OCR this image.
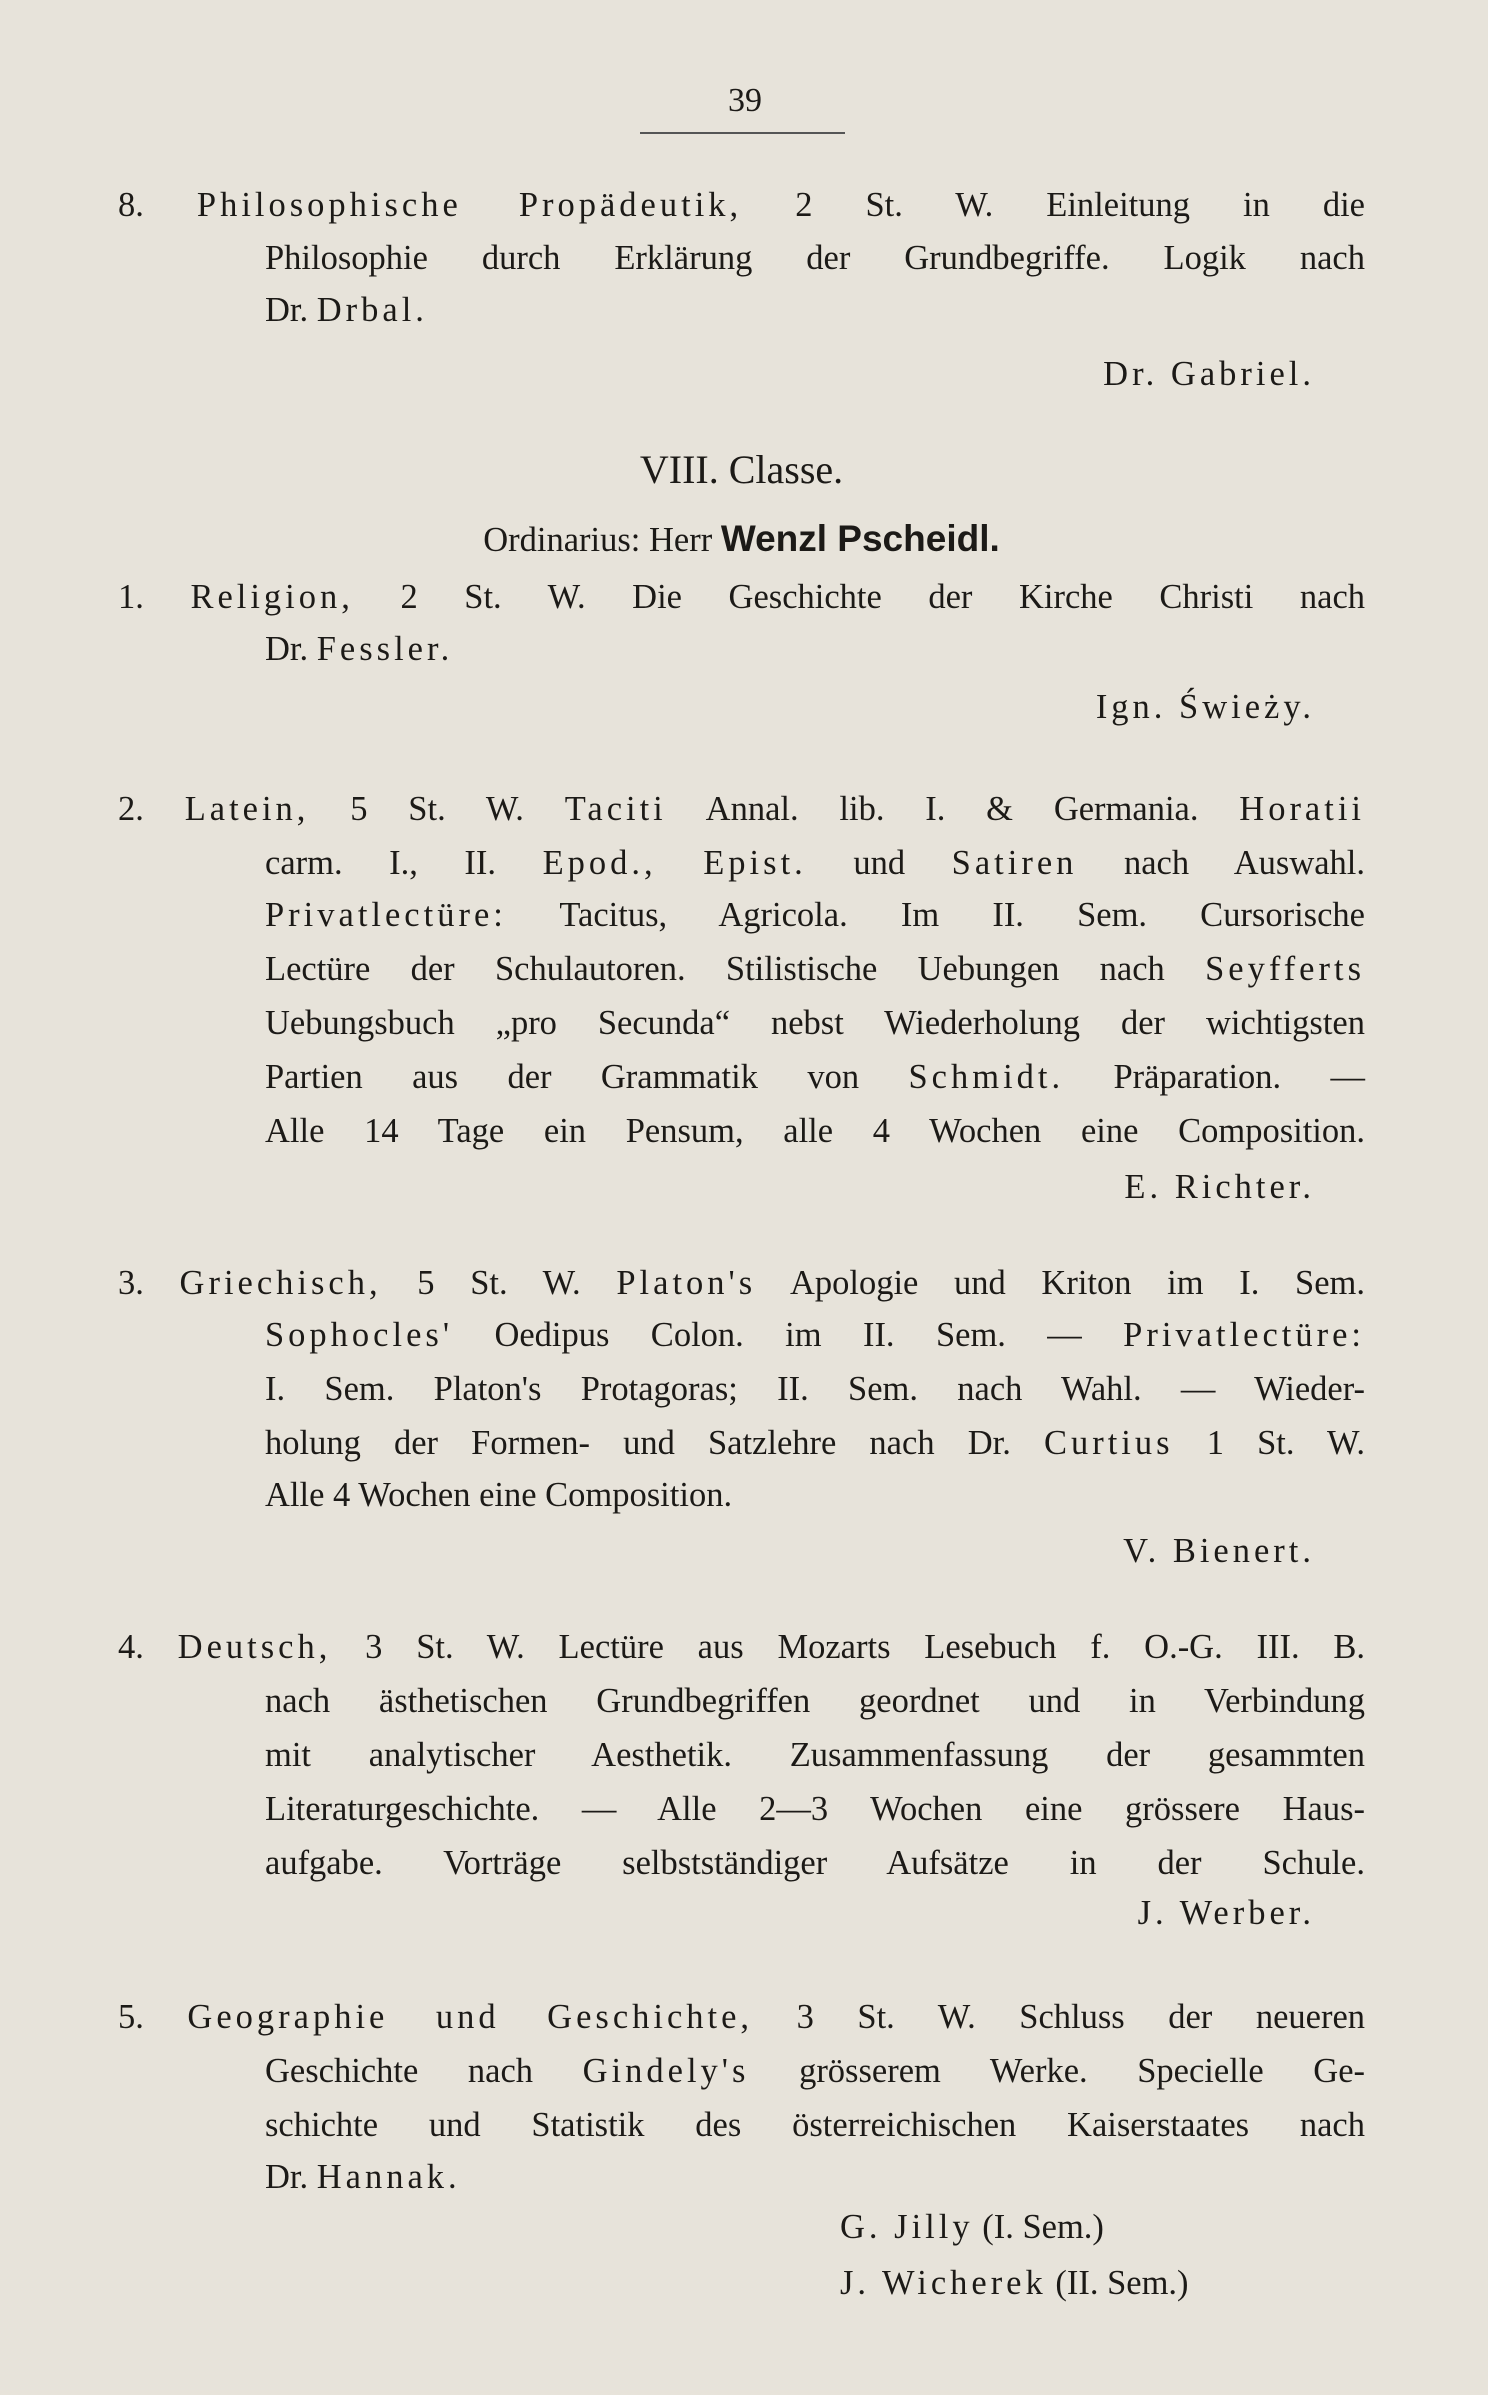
39
8. Philosophische Propädeutik, 2 St. W. Einleitung in die
Philosophie durch Erklärung der Grundbegriffe. Logik nach
Dr. Drbal.
Dr. Gabriel.
VIII. Classe.
Ordinarius: Herr Wenzl Pscheidl.
1. Religion, 2 St. W. Die Geschichte der Kirche Christi nach
Dr. Fessler.
Ign. Świeży.
2. Latein, 5 St. W. Taciti Annal. lib. I. & Germania. Horatii
carm. I., II. Epod., Epist. und Satiren nach Auswahl.
Privatlectüre: Tacitus, Agricola. Im II. Sem. Cursorische
Lectüre der Schulautoren. Stilistische Uebungen nach Seyfferts
Uebungsbuch „pro Secunda“ nebst Wiederholung der wichtigsten
Partien aus der Grammatik von Schmidt. Präparation. —
Alle 14 Tage ein Pensum, alle 4 Wochen eine Composition.
E. Richter.
3. Griechisch, 5 St. W. Platon's Apologie und Kriton im I. Sem.
Sophocles' Oedipus Colon. im II. Sem. — Privatlectüre:
I. Sem. Platon's Protagoras; II. Sem. nach Wahl. — Wieder-
holung der Formen- und Satzlehre nach Dr. Curtius 1 St. W.
Alle 4 Wochen eine Composition.
V. Bienert.
4. Deutsch, 3 St. W. Lectüre aus Mozarts Lesebuch f. O.-G. III. B.
nach ästhetischen Grundbegriffen geordnet und in Verbindung
mit analytischer Aesthetik. Zusammenfassung der gesammten
Literaturgeschichte. — Alle 2—3 Wochen eine grössere Haus-
aufgabe. Vorträge selbstständiger Aufsätze in der Schule.
J. Werber.
5. Geographie und Geschichte, 3 St. W. Schluss der neueren
Geschichte nach Gindely's grösserem Werke. Specielle Ge-
schichte und Statistik des österreichischen Kaiserstaates nach
Dr. Hannak.
G. Jilly (I. Sem.)
J. Wicherek (II. Sem.)
